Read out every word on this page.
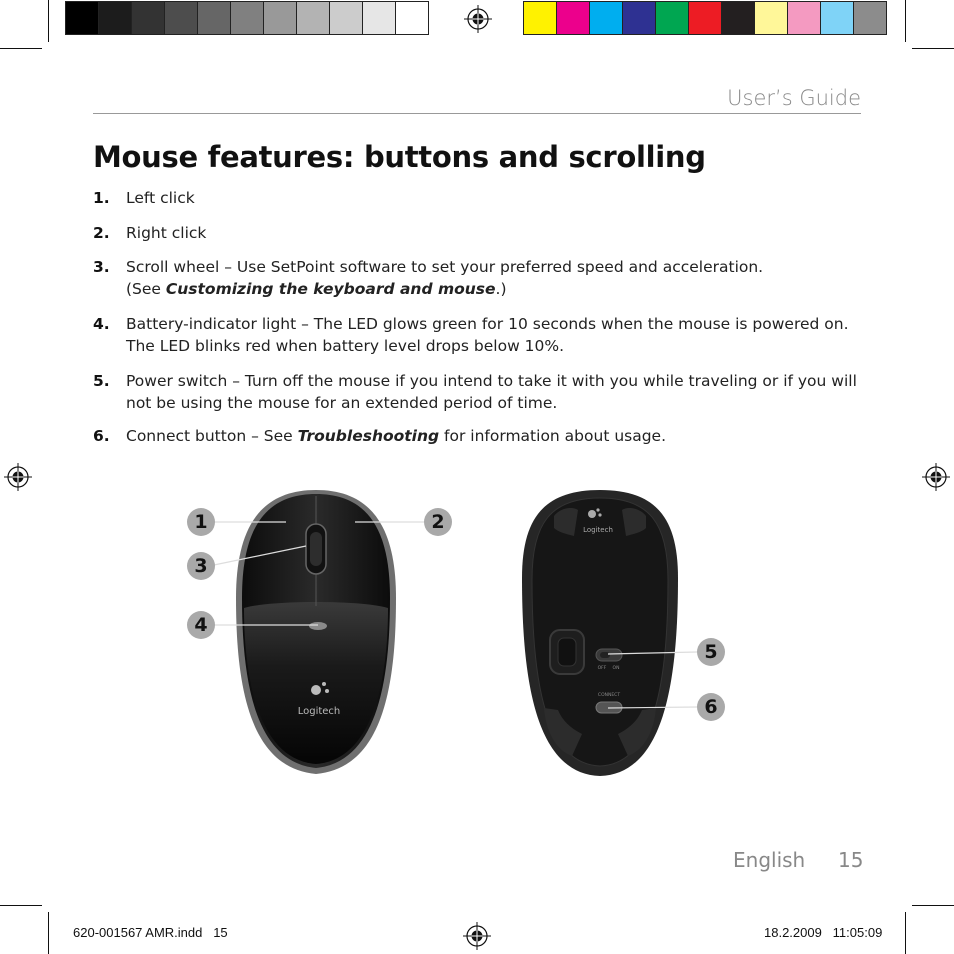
User’s Guide
Mouse features: buttons and scrolling
1. Left click
2. Right click
3. Scroll wheel – Use SetPoint software to set your preferred speed and acceleration.
(See Customizing the keyboard and mouse.)
4. Battery-indicator light – The LED glows green for 10 seconds when the mouse is powered on.
The LED blinks red when battery level drops below 10%.
5. Power switch – Turn off the mouse if you intend to take it with you while traveling or if you will
not be using the mouse for an extended period of time.
6. Connect button – See Troubleshooting for information about usage.
Logitech
Logitech
OFF ON
CONNECT
1	2
3
4
5
6
English 15
620-001567 AMR.indd   15	18.2.2009   11:05:09
